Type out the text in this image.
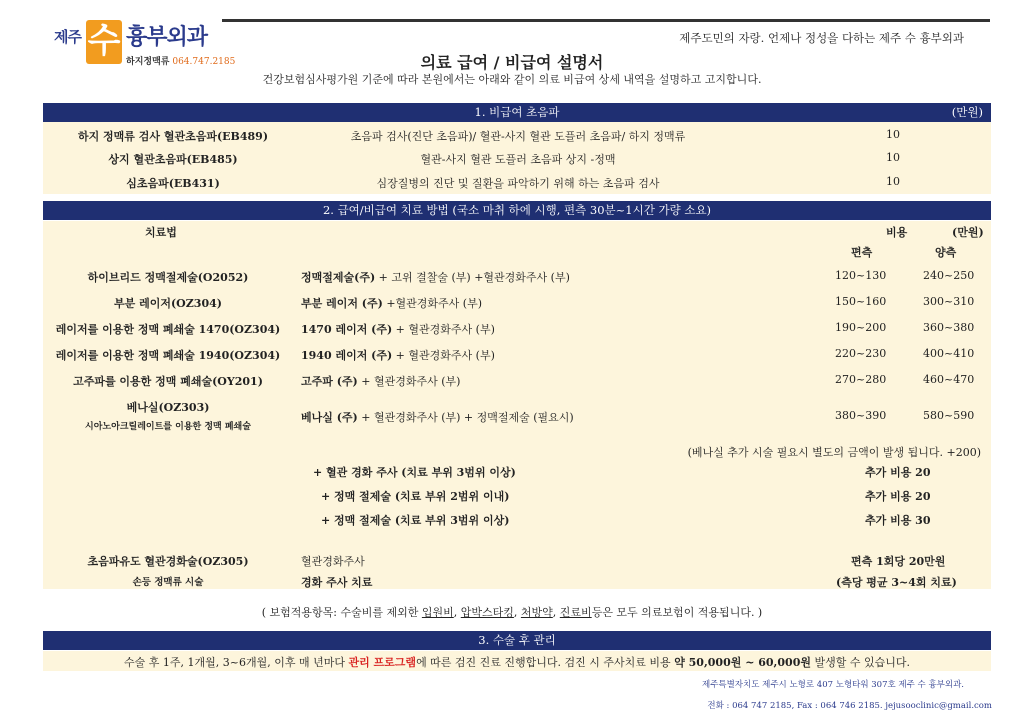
제주 수 흉부외과
하지정맥류 064.747.2185
제주도민의 자랑. 언제나 정성을 다하는 제주 수 흉부외과
의료 급여 / 비급여 설명서
건강보험심사평가원 기준에 따라 본원에서는 아래와 같이 의료 비급여 상세 내역을 설명하고 고지합니다.
1. 비급여 초음파	(만원)
하지 정맥류 검사 혈관초음파(EB489)	초음파 검사(진단 초음파)/ 혈관-사지 혈관 도플러 초음파/ 하지 정맥류	10
상지 혈관초음파(EB485)	혈관-사지 혈관 도플러 초음파 상지 -정맥	10
심초음파(EB431)	심장질병의 진단 및 질환을 파악하기 위해 하는 초음파 검사	10
2. 급여/비급여 치료 방법 (국소 마취 하에 시행, 편측 30분~1시간 가량 소요)
치료법	비용	(만원)
편측	양측
하이브리드 정맥절제술(O2052)	정맥절제술(주) + 고위 결찰술 (부) +혈관경화주사 (부)	120~130	240~250
부분 레이저(OZ304)	부분 레이저 (주) +혈관경화주사 (부)	150~160	300~310
레이저를 이용한 정맥 폐쇄술 1470(OZ304)	1470 레이저 (주) + 혈관경화주사 (부)	190~200	360~380
레이저를 이용한 정맥 폐쇄술 1940(OZ304)	1940 레이저 (주) + 혈관경화주사 (부)	220~230	400~410
고주파를 이용한 정맥 폐쇄술(OY201)	고주파 (주) + 혈관경화주사 (부)	270~280	460~470
베나실(OZ303)
시아노아크릴레이트를 이용한 정맥 폐쇄술
베나실 (주) + 혈관경화주사 (부) + 정맥절제술 (필요시)	380~390	580~590
(베나실 추가 시술 필요시 별도의 금액이 발생 됩니다. +200)
+ 혈관 경화 주사 (치료 부위 3범위 이상)	추가 비용 20
+ 정맥 절제술 (치료 부위 2범위 이내)	추가 비용 20
+ 정맥 절제술 (치료 부위 3범위 이상)	추가 비용 30
초음파유도 혈관경화술(OZ305)	혈관경화주사	편측 1회당 20만원
손등 정맥류 시술	경화 주사 치료	(측당 평균 3~4회 치료)
( 보험적용항목: 수술비를 제외한 입원비, 압박스타킹, 처방약, 진료비등은 모두 의료보험이 적용됩니다. )
3. 수술 후 관리
수술 후 1주, 1개월, 3~6개월, 이후 매 년마다 관리 프로그램에 따른 검진 진료 진행합니다. 검진 시 주사치료 비용 약 50,000원 ~ 60,000원 발생할 수 있습니다.
제주특별자치도 제주시 노형로 407 노형타워 307호 제주 수 흉부외과.
전화 : 064 747 2185, Fax : 064 746 2185. jejusooclinic@gmail.com
